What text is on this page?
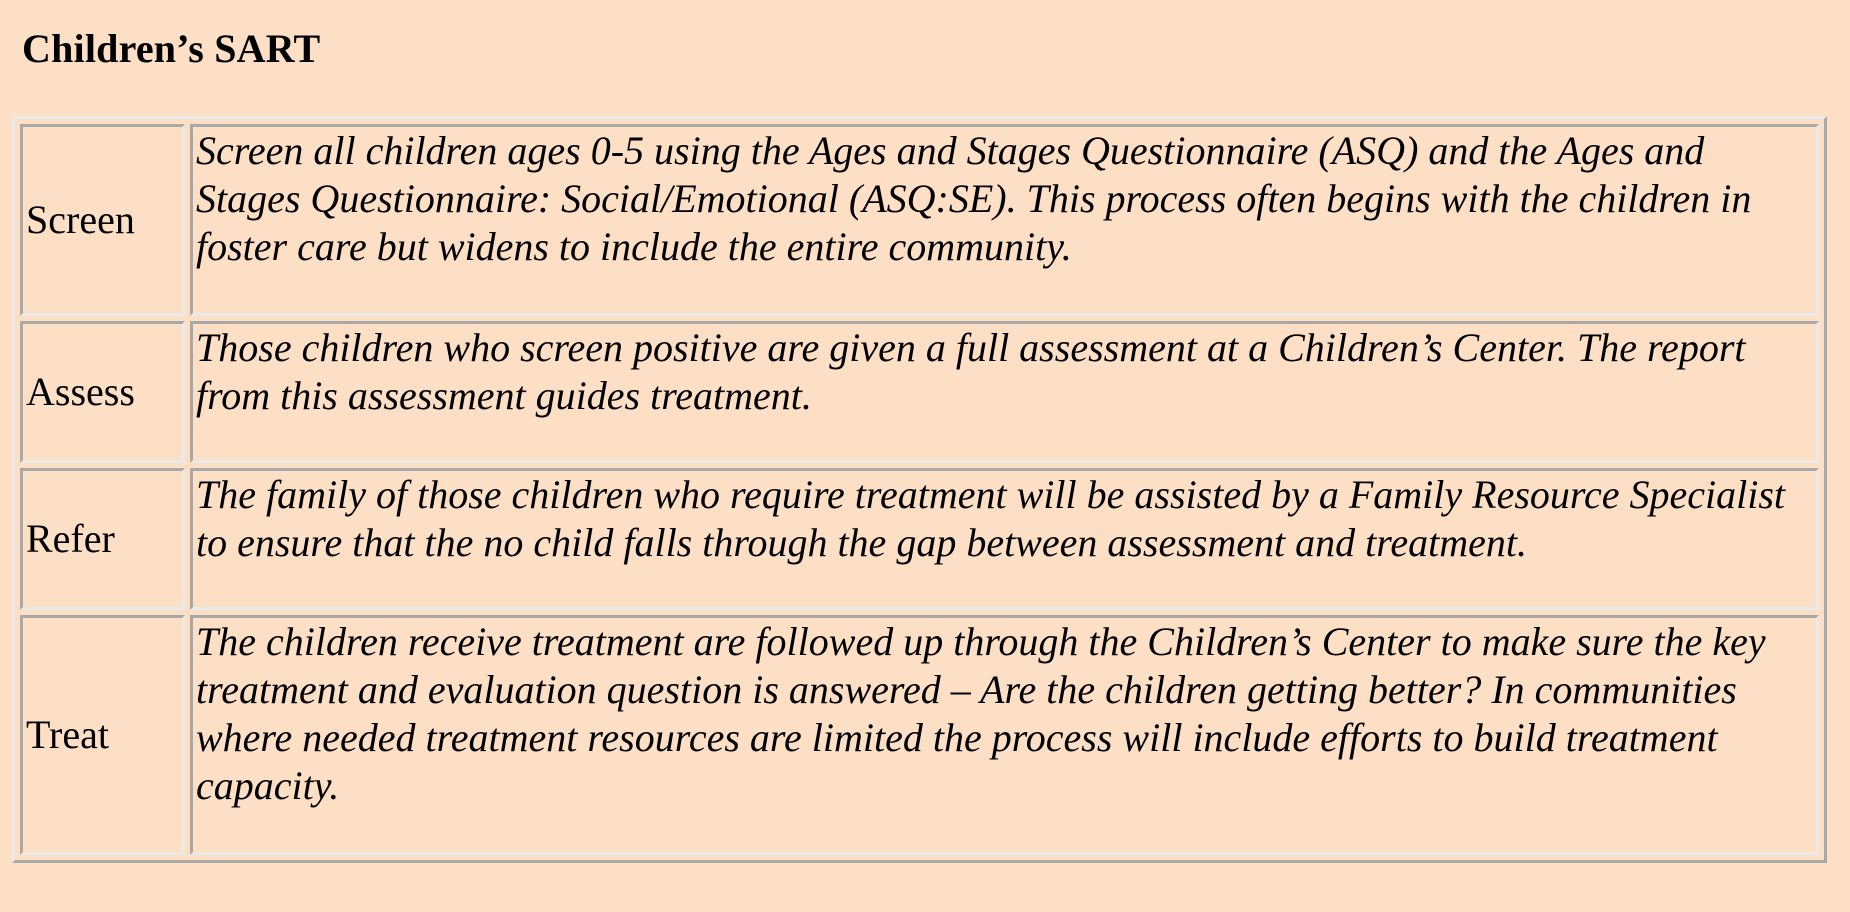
Children’s SART
Screen	Screen all children ages 0-5 using the Ages and Stages Questionnaire (ASQ) and the Ages and Stages Questionnaire: Social/Emotional (ASQ:SE). This process often begins with the children in foster care but widens to include the entire community.
Assess	Those children who screen positive are given a full assessment at a Children’s Center. The report from this assessment guides treatment.
Refer	The family of those children who require treatment will be assisted by a Family Resource Specialist to ensure that the no child falls through the gap between assessment and treatment.
Treat	The children receive treatment are followed up through the Children’s Center to make sure the key treatment and evaluation question is answered – Are the children getting better? In communities where needed treatment resources are limited the process will include efforts to build treatment capacity.
